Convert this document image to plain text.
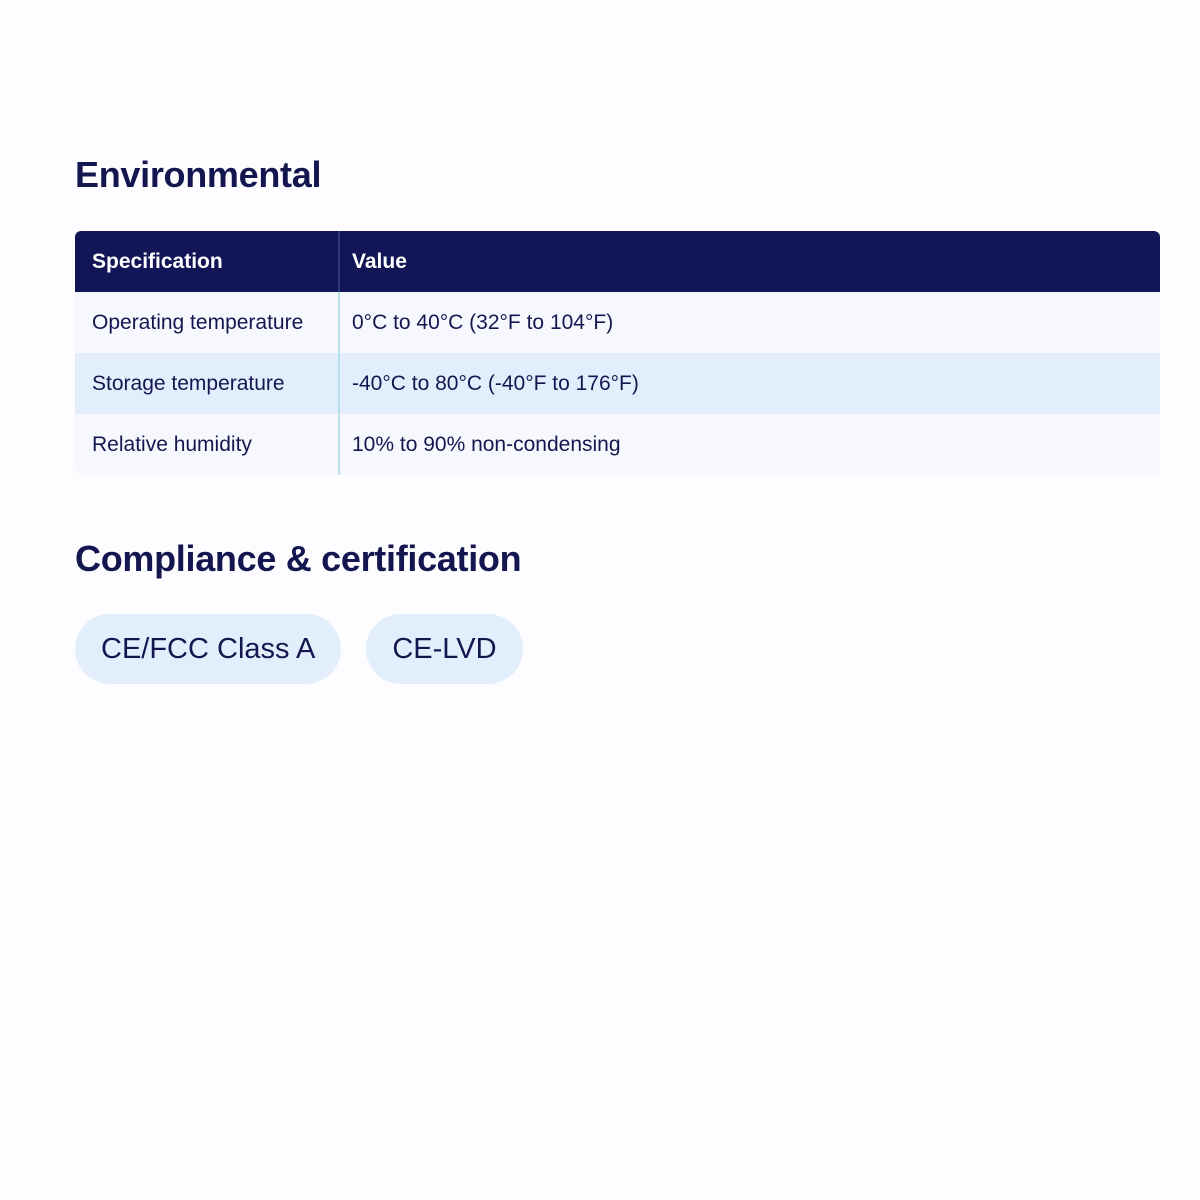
Environmental
Specification	Value
Operating temperature	0°C to 40°C (32°F to 104°F)
Storage temperature	-40°C to 80°C (-40°F to 176°F)
Relative humidity	10% to 90% non-condensing
Compliance & certification
CE/FCC Class A	CE-LVD
